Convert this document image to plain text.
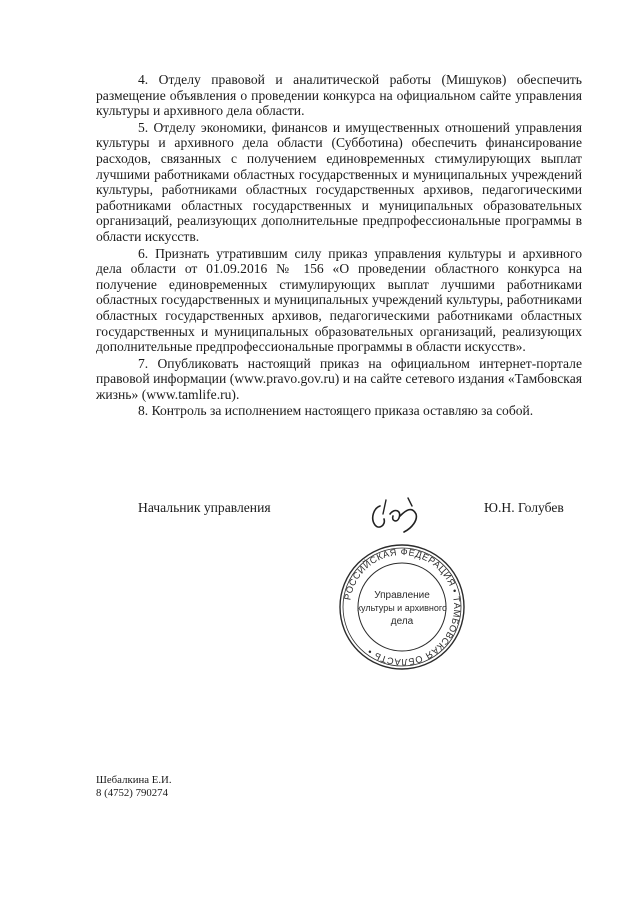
4. Отделу правовой и аналитической работы (Мишуков) обеспечить размещение объявления о проведении конкурса на официальном сайте управления культуры и архивного дела области.

5. Отделу экономики, финансов и имущественных отношений управления культуры и архивного дела области (Субботина) обеспечить финансирование расходов, связанных с получением единовременных стимулирующих выплат лучшими работниками областных государственных и муниципальных учреждений культуры, работниками областных государственных архивов, педагогическими работниками областных государственных и муниципальных образовательных организаций, реализующих дополнительные предпрофессиональные программы в области искусств.

6. Признать утратившим силу приказ управления культуры и архивного дела области от 01.09.2016 № 156 «О проведении областного конкурса на получение единовременных стимулирующих выплат лучшими работниками областных государственных и муниципальных учреждений культуры, работниками областных государственных архивов, педагогическими работниками областных государственных и муниципальных образовательных организаций, реализующих дополнительные предпрофессиональные программы в области искусств».

7. Опубликовать настоящий приказ на официальном интернет-портале правовой информации (www.pravo.gov.ru) и на сайте сетевого издания «Тамбовская жизнь» (www.tamlife.ru).

8. Контроль за исполнением настоящего приказа оставляю за собой.

Начальник управления	Ю.Н. Голубев
РОССИЙСКАЯ ФЕДЕРАЦИЯ • ТАМБОВСКАЯ ОБЛАСТЬ •
Управление
культуры и архивного
дела
Шебалкина Е.И.
8 (4752) 790274
